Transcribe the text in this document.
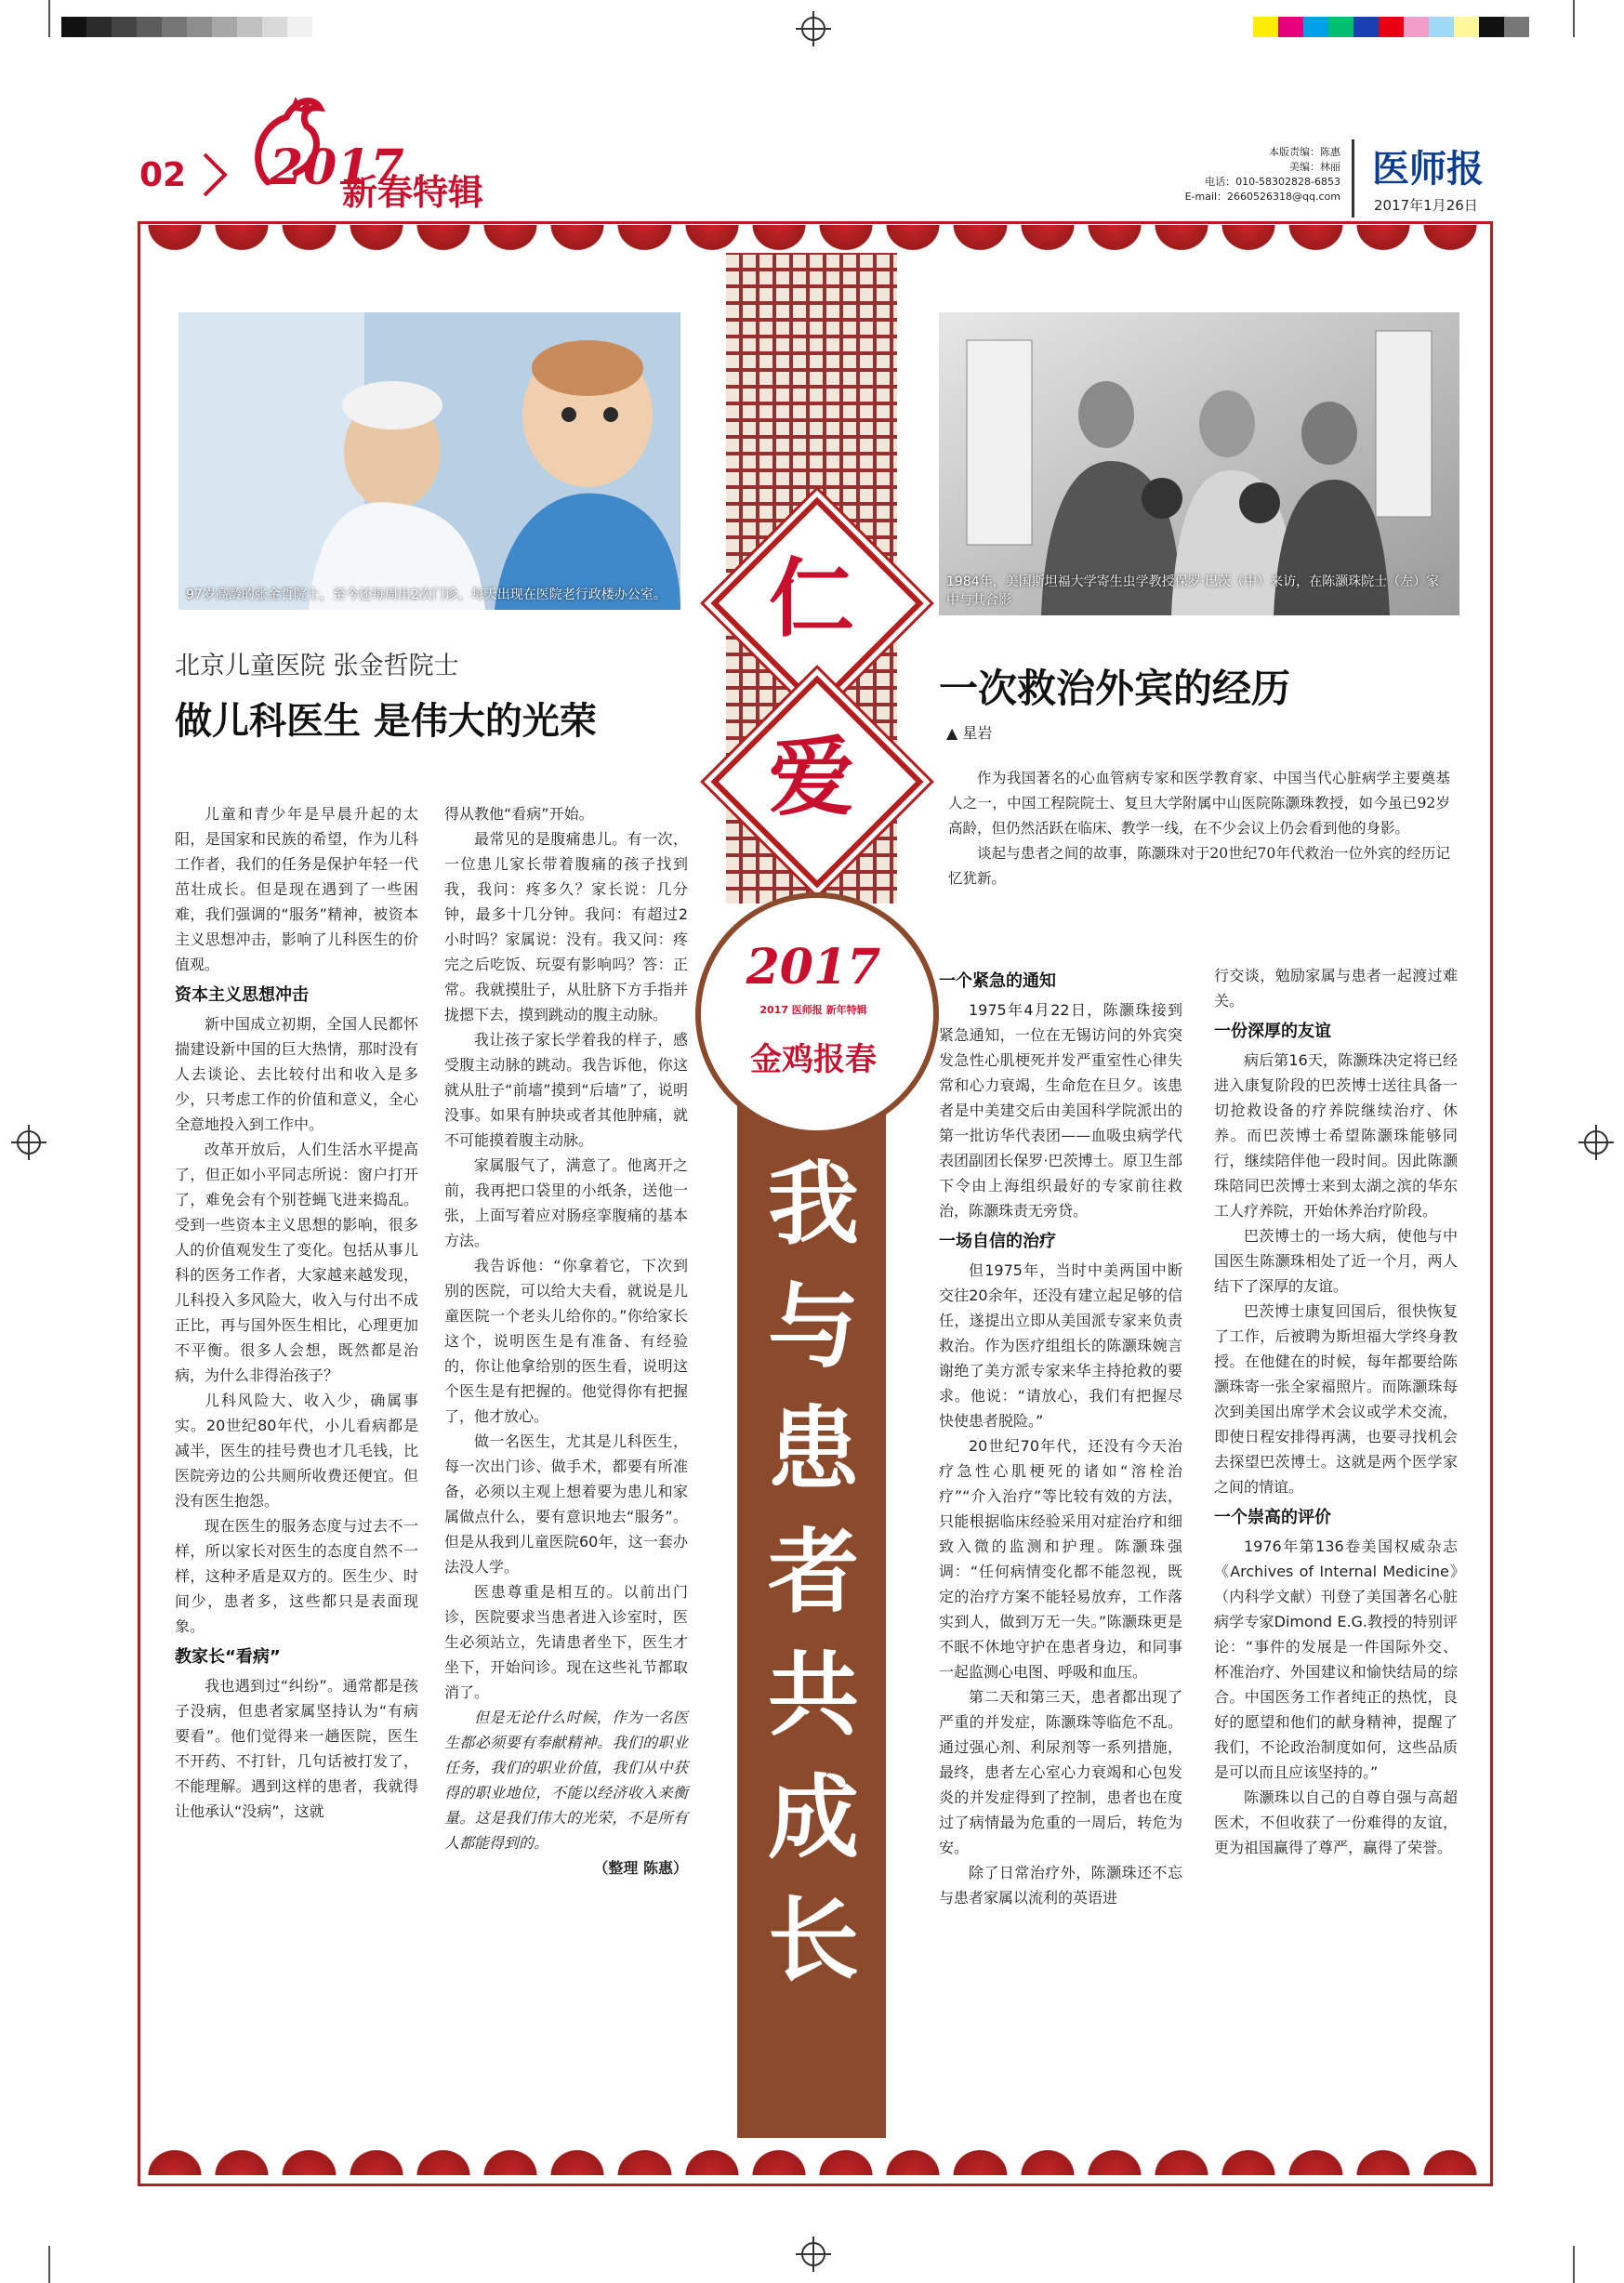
02 2017
新春特辑
本版责编：陈惠
美编：林丽
电话：010-58302828-6853
E-mail：2660526318@qq.com
医师报
2017年1月26日
仁
爱
2017
2017 医师报 新年特辑
金鸡报春
我与患者共成长
97岁高龄的张金哲院士，至今还每周出2次门诊，每天出现在医院老行政楼办公室。
北京儿童医院 张金哲院士
做儿科医生 是伟大的光荣

儿童和青少年是早晨升起的太阳，是国家和民族的希望，作为儿科工作者，我们的任务是保护年轻一代茁壮成长。但是现在遇到了一些困难，我们强调的“服务”精神，被资本主义思想冲击，影响了儿科医生的价值观。

资本主义思想冲击

新中国成立初期，全国人民都怀揣建设新中国的巨大热情，那时没有人去谈论、去比较付出和收入是多少，只考虑工作的价值和意义，全心全意地投入到工作中。

改革开放后，人们生活水平提高了，但正如小平同志所说：窗户打开了，难免会有个别苍蝇飞进来捣乱。受到一些资本主义思想的影响，很多人的价值观发生了变化。包括从事儿科的医务工作者，大家越来越发现，儿科投入多风险大，收入与付出不成正比，再与国外医生相比，心理更加不平衡。很多人会想，既然都是治病，为什么非得治孩子？

儿科风险大、收入少，确属事实。20世纪80年代，小儿看病都是减半，医生的挂号费也才几毛钱，比医院旁边的公共厕所收费还便宜。但没有医生抱怨。

现在医生的服务态度与过去不一样，所以家长对医生的态度自然不一样，这种矛盾是双方的。医生少、时间少，患者多，这些都只是表面现象。

教家长“看病”

我也遇到过“纠纷”。通常都是孩子没病，但患者家属坚持认为“有病要看”。他们觉得来一趟医院，医生不开药、不打针，几句话被打发了，不能理解。遇到这样的患者，我就得让他承认“没病”，这就

得从教他“看病”开始。

最常见的是腹痛患儿。有一次，一位患儿家长带着腹痛的孩子找到我，我问：疼多久？家长说：几分钟，最多十几分钟。我问：有超过2小时吗？家属说：没有。我又问：疼完之后吃饭、玩耍有影响吗？答：正常。我就摸肚子，从肚脐下方手指并拢摁下去，摸到跳动的腹主动脉。

我让孩子家长学着我的样子，感受腹主动脉的跳动。我告诉他，你这就从肚子“前墙”摸到“后墙”了，说明没事。如果有肿块或者其他肿痛，就不可能摸着腹主动脉。

家属服气了，满意了。他离开之前，我再把口袋里的小纸条，送他一张，上面写着应对肠痉挛腹痛的基本方法。

我告诉他：“你拿着它，下次到别的医院，可以给大夫看，就说是儿童医院一个老头儿给你的。”你给家长这个，说明医生是有准备、有经验的，你让他拿给别的医生看，说明这个医生是有把握的。他觉得你有把握了，他才放心。

做一名医生，尤其是儿科医生，每一次出门诊、做手术，都要有所准备，必须以主观上想着要为患儿和家属做点什么，要有意识地去“服务”。但是从我到儿童医院60年，这一套办法没人学。

医患尊重是相互的。以前出门诊，医院要求当患者进入诊室时，医生必须站立，先请患者坐下，医生才坐下，开始问诊。现在这些礼节都取消了。

但是无论什么时候，作为一名医生都必须要有奉献精神。我们的职业任务，我们的职业价值，我们从中获得的职业地位，不能以经济收入来衡量。这是我们伟大的光荣，不是所有人都能得到的。

（整理 陈惠）

1984年，美国斯坦福大学寄生虫学教授保罗·巴茨（中）来访，在陈灏珠院士（左）家中与其合影
一次救治外宾的经历
▲ 星岩

作为我国著名的心血管病专家和医学教育家、中国当代心脏病学主要奠基人之一，中国工程院院士、复旦大学附属中山医院陈灏珠教授，如今虽已92岁高龄，但仍然活跃在临床、教学一线，在不少会议上仍会看到他的身影。

谈起与患者之间的故事，陈灏珠对于20世纪70年代救治一位外宾的经历记忆犹新。

一个紧急的通知

1975年4月22日，陈灏珠接到紧急通知，一位在无锡访问的外宾突发急性心肌梗死并发严重室性心律失常和心力衰竭，生命危在旦夕。该患者是中美建交后由美国科学院派出的第一批访华代表团——血吸虫病学代表团副团长保罗·巴茨博士。原卫生部下令由上海组织最好的专家前往救治，陈灏珠责无旁贷。

一场自信的治疗

但1975年，当时中美两国中断交往20余年，还没有建立起足够的信任，遂提出立即从美国派专家来负责救治。作为医疗组组长的陈灏珠婉言谢绝了美方派专家来华主持抢救的要求。他说：“请放心，我们有把握尽快使患者脱险。”

20世纪70年代，还没有今天治疗急性心肌梗死的诸如“溶栓治疗”“介入治疗”等比较有效的方法，只能根据临床经验采用对症治疗和细致入微的监测和护理。陈灏珠强调：“任何病情变化都不能忽视，既定的治疗方案不能轻易放弃，工作落实到人，做到万无一失。”陈灏珠更是不眠不休地守护在患者身边，和同事一起监测心电图、呼吸和血压。

第二天和第三天，患者都出现了严重的并发症，陈灏珠等临危不乱。通过强心剂、利尿剂等一系列措施，最终，患者左心室心力衰竭和心包发炎的并发症得到了控制，患者也在度过了病情最为危重的一周后，转危为安。

除了日常治疗外，陈灏珠还不忘与患者家属以流利的英语进

行交谈，勉励家属与患者一起渡过难关。

一份深厚的友谊

病后第16天，陈灏珠决定将已经进入康复阶段的巴茨博士送往具备一切抢救设备的疗养院继续治疗、休养。而巴茨博士希望陈灏珠能够同行，继续陪伴他一段时间。因此陈灏珠陪同巴茨博士来到太湖之滨的华东工人疗养院，开始休养治疗阶段。

巴茨博士的一场大病，使他与中国医生陈灏珠相处了近一个月，两人结下了深厚的友谊。

巴茨博士康复回国后，很快恢复了工作，后被聘为斯坦福大学终身教授。在他健在的时候，每年都要给陈灏珠寄一张全家福照片。而陈灏珠每次到美国出席学术会议或学术交流，即使日程安排得再满，也要寻找机会去探望巴茨博士。这就是两个医学家之间的情谊。

一个崇高的评价

1976年第136卷美国权威杂志《Archives of Internal Medicine》（内科学文献）刊登了美国著名心脏病学专家Dimond E.G.教授的特别评论：“事件的发展是一件国际外交、杯准治疗、外国建议和愉快结局的综合。中国医务工作者纯正的热忱，良好的愿望和他们的献身精神，提醒了我们，不论政治制度如何，这些品质是可以而且应该坚持的。”

陈灏珠以自己的自尊自强与高超医术，不但收获了一份难得的友谊，更为祖国赢得了尊严，赢得了荣誉。
